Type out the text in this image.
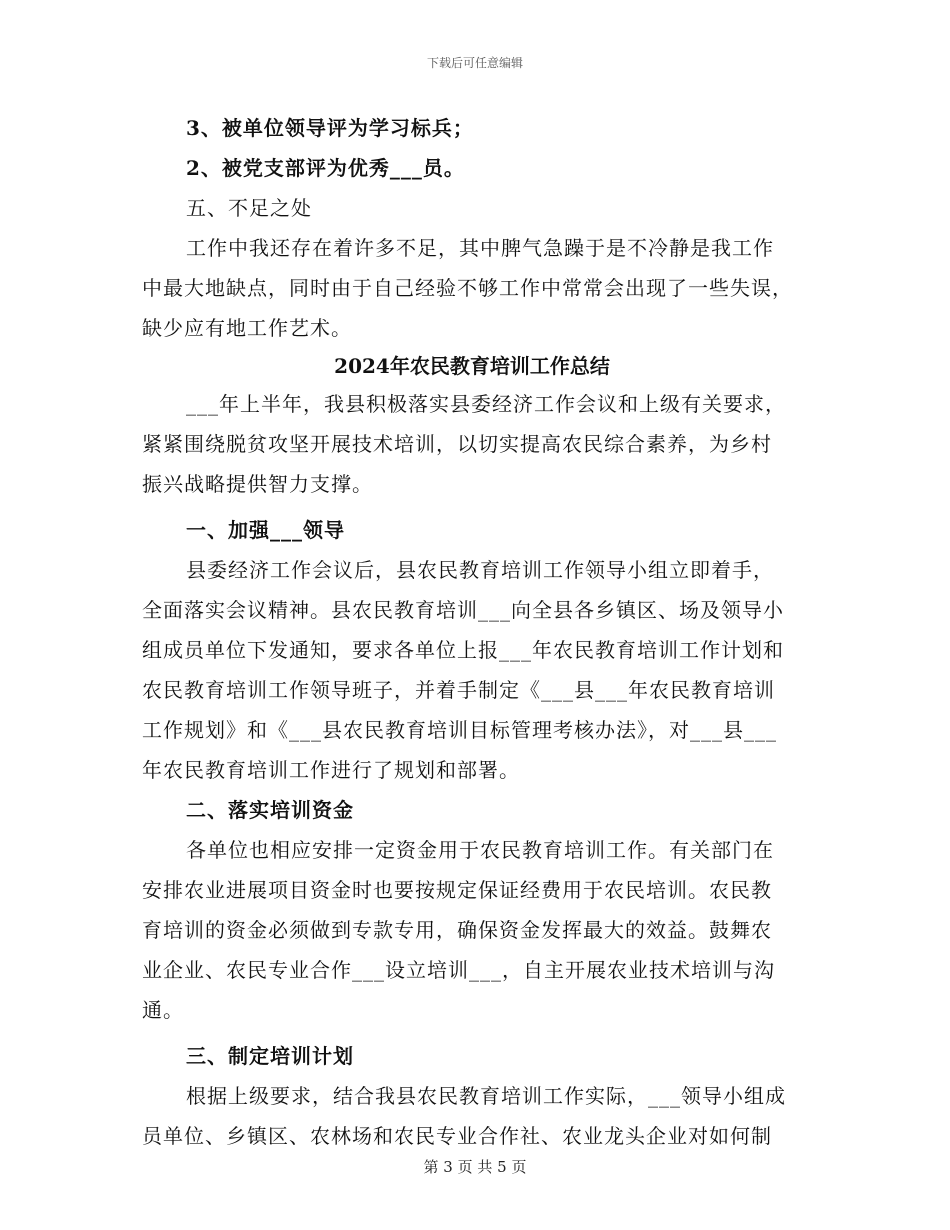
下载后可任意编辑
3、被单位领导评为学习标兵；
2、被党支部评为优秀___员。
五、不足之处
工作中我还存在着许多不足，其中脾气急躁于是不冷静是我工作
中最大地缺点，同时由于自己经验不够工作中常常会出现了一些失误，
缺少应有地工作艺术。
2024年农民教育培训工作总结
___年上半年，我县积极落实县委经济工作会议和上级有关要求，
紧紧围绕脱贫攻坚开展技术培训，以切实提高农民综合素养，为乡村
振兴战略提供智力支撑。
一、加强___领导
县委经济工作会议后，县农民教育培训工作领导小组立即着手，
全面落实会议精神。县农民教育培训___向全县各乡镇区、场及领导小
组成员单位下发通知，要求各单位上报___年农民教育培训工作计划和
农民教育培训工作领导班子，并着手制定《___县___年农民教育培训
工作规划》和《___县农民教育培训目标管理考核办法》，对___县___
年农民教育培训工作进行了规划和部署。
二、落实培训资金
各单位也相应安排一定资金用于农民教育培训工作。有关部门在
安排农业进展项目资金时也要按规定保证经费用于农民培训。农民教
育培训的资金必须做到专款专用，确保资金发挥最大的效益。鼓舞农
业企业、农民专业合作___设立培训___，自主开展农业技术培训与沟
通。
三、制定培训计划
根据上级要求，结合我县农民教育培训工作实际，___领导小组成
员单位、乡镇区、农林场和农民专业合作社、农业龙头企业对如何制
第 3 页 共 5 页
